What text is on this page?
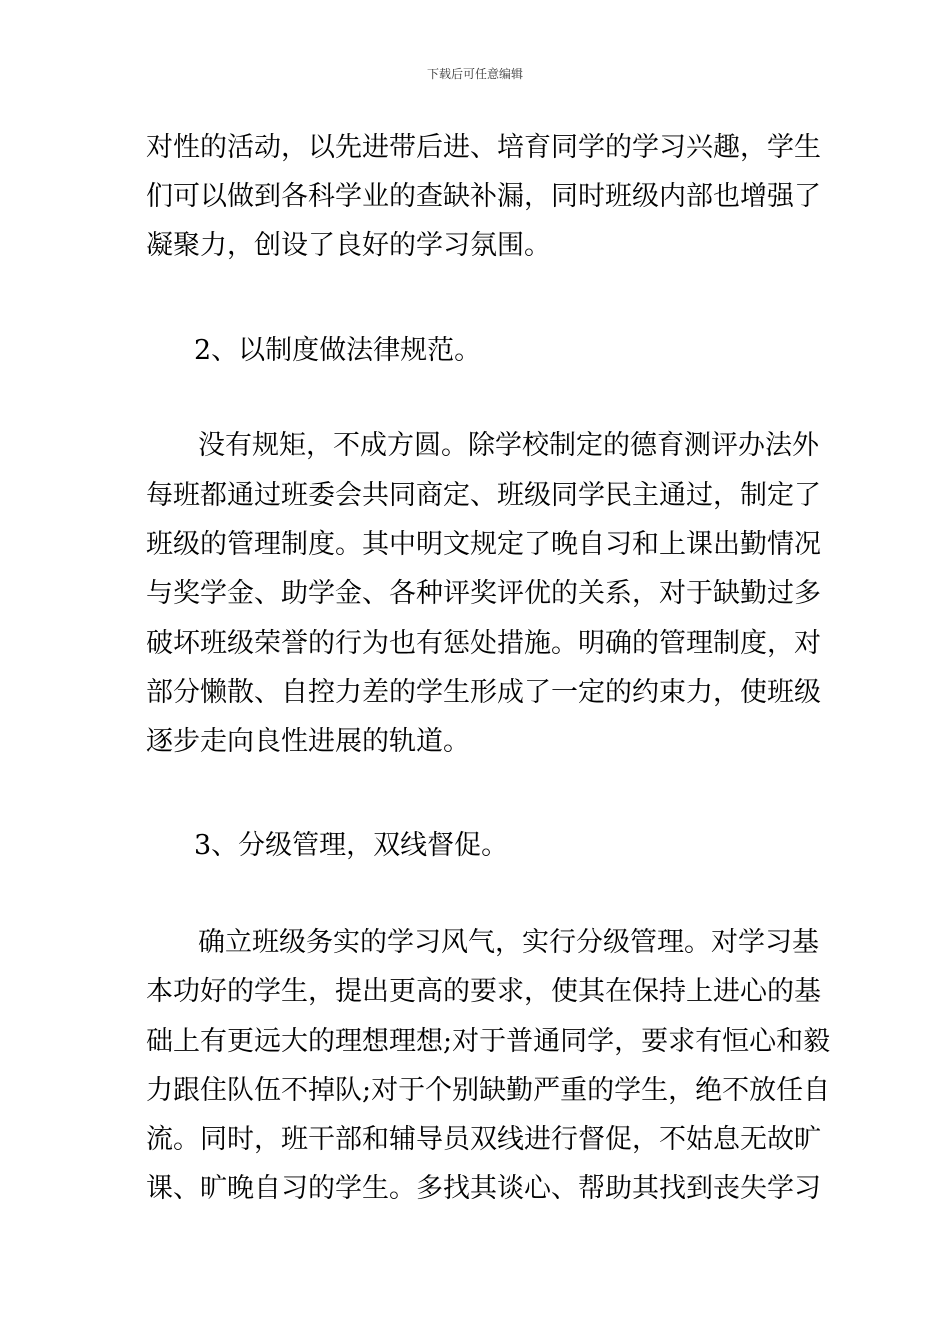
下载后可任意编辑
对性的活动，以先进带后进、培育同学的学习兴趣，学生
们可以做到各科学业的查缺补漏，同时班级内部也增强了
凝聚力，创设了良好的学习氛围。
2、以制度做法律规范。
没有规矩，不成方圆。除学校制定的德育测评办法外
每班都通过班委会共同商定、班级同学民主通过，制定了
班级的管理制度。其中明文规定了晚自习和上课出勤情况
与奖学金、助学金、各种评奖评优的关系，对于缺勤过多
破坏班级荣誉的行为也有惩处措施。明确的管理制度，对
部分懒散、自控力差的学生形成了一定的约束力，使班级
逐步走向良性进展的轨道。
3、分级管理，双线督促。
确立班级务实的学习风气，实行分级管理。对学习基
本功好的学生，提出更高的要求，使其在保持上进心的基
础上有更远大的理想理想;对于普通同学，要求有恒心和毅
力跟住队伍不掉队;对于个别缺勤严重的学生，绝不放任自
流。同时，班干部和辅导员双线进行督促，不姑息无故旷
课、旷晚自习的学生。多找其谈心、帮助其找到丧失学习
